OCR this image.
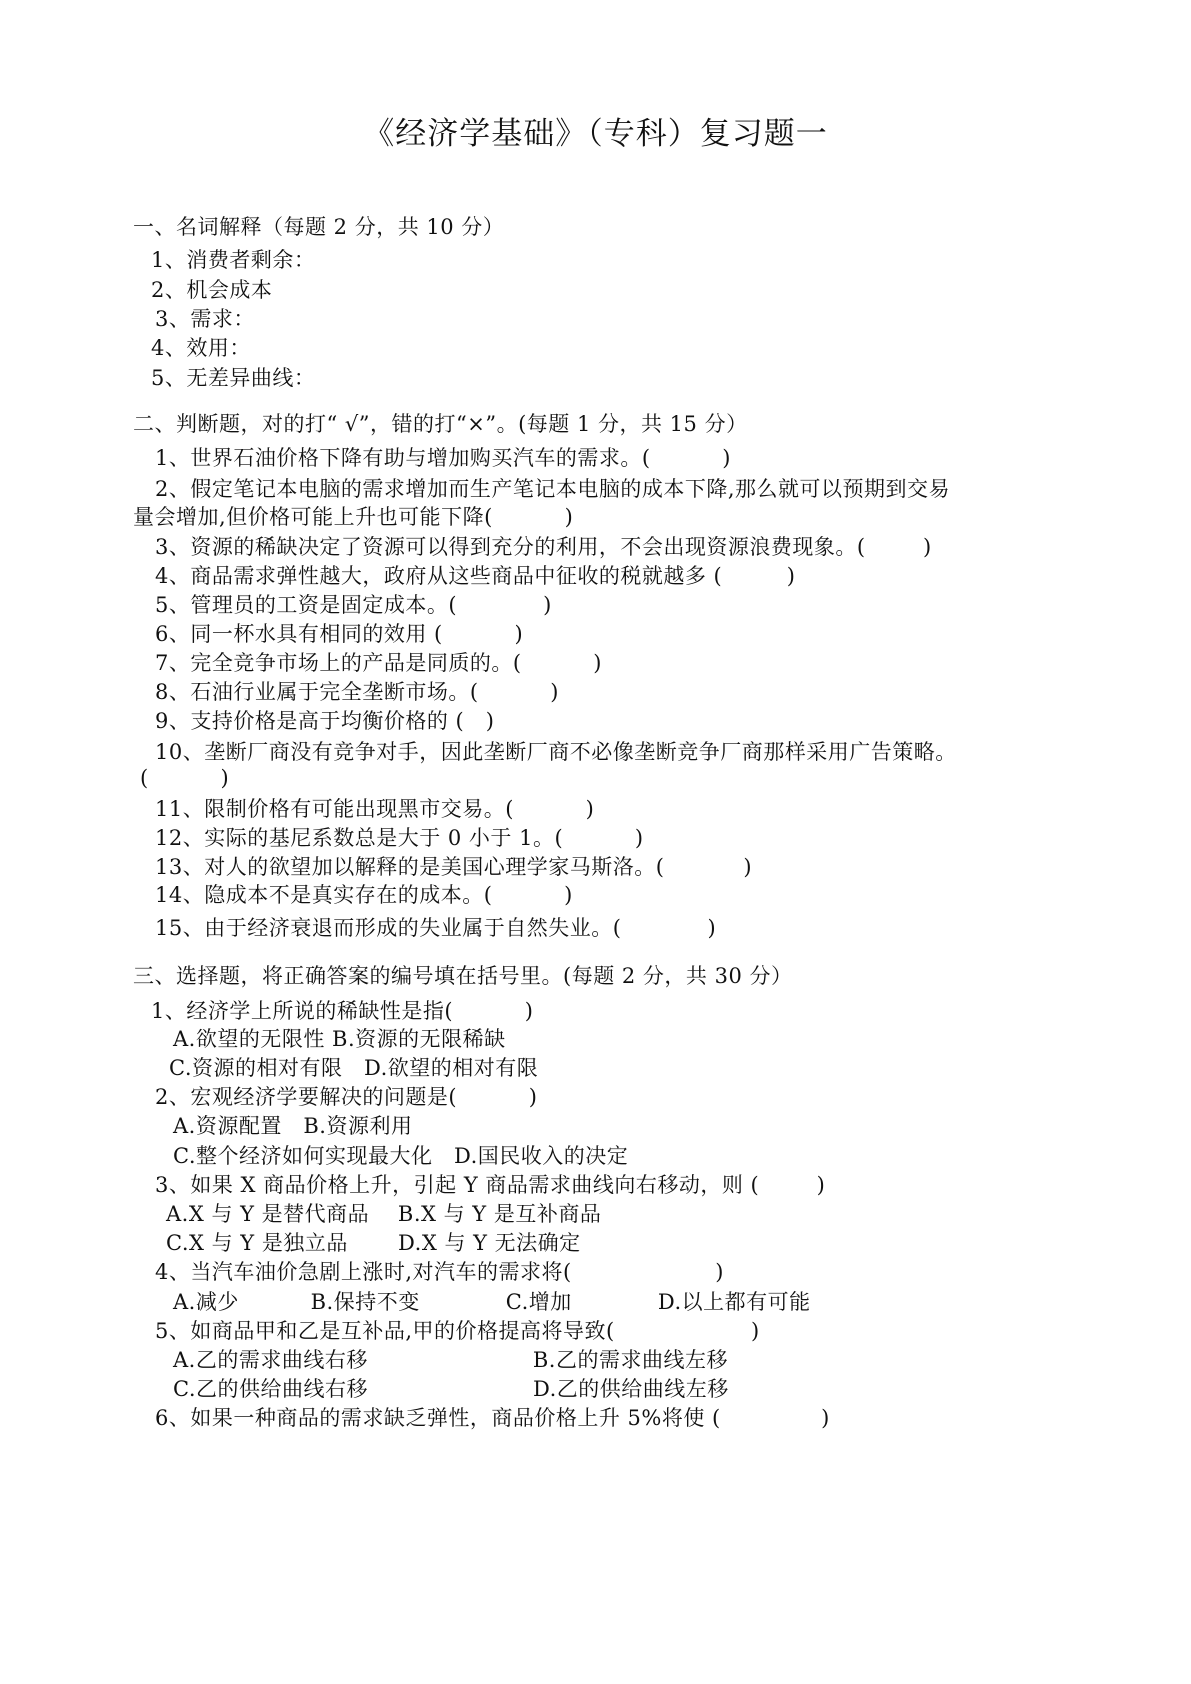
《经济学基础》（专科）复习题一
一、名词解释（每题 2 分，共 10 分）
1、消费者剩余：
2、机会成本
3、需求：
4、效用：
5、无差异曲线：
二、判断题，对的打“ √”，错的打“×”。(每题 1 分，共 15 分）
1、世界石油价格下降有助与增加购买汽车的需求。(          )
2、假定笔记本电脑的需求增加而生产笔记本电脑的成本下降,那么就可以预期到交易
量会增加,但价格可能上升也可能下降(          )
3、资源的稀缺决定了资源可以得到充分的利用，不会出现资源浪费现象。(        )
4、商品需求弹性越大，政府从这些商品中征收的税就越多 (         )
5、管理员的工资是固定成本。(            )
6、同一杯水具有相同的效用 (          )
7、完全竞争市场上的产品是同质的。(          )
8、石油行业属于完全垄断市场。(          )
9、支持价格是高于均衡价格的 (   )
10、垄断厂商没有竞争对手，因此垄断厂商不必像垄断竞争厂商那样采用广告策略。
(          )
11、限制价格有可能出现黑市交易。(          )
12、实际的基尼系数总是大于 0 小于 1。(          )
13、对人的欲望加以解释的是美国心理学家马斯洛。(           )
14、隐成本不是真实存在的成本。(          )
15、由于经济衰退而形成的失业属于自然失业。(            )
三、选择题，将正确答案的编号填在括号里。(每题 2 分，共 30 分）
1、经济学上所说的稀缺性是指(          )
A.欲望的无限性 B.资源的无限稀缺
C.资源的相对有限   D.欲望的相对有限
2、宏观经济学要解决的问题是(          )
A.资源配置   B.资源利用
C.整个经济如何实现最大化   D.国民收入的决定
3、如果 X 商品价格上升，引起 Y 商品需求曲线向右移动，则 (        )
A.X 与 Y 是替代商品    B.X 与 Y 是互补商品
C.X 与 Y 是独立品       D.X 与 Y 无法确定
4、当汽车油价急剧上涨时,对汽车的需求将(                    )
A.减少          B.保持不变            C.增加            D.以上都有可能
5、如商品甲和乙是互补品,甲的价格提高将导致(                   )
A.乙的需求曲线右移                       B.乙的需求曲线左移
C.乙的供给曲线右移                       D.乙的供给曲线左移
6、如果一种商品的需求缺乏弹性，商品价格上升 5%将使 (              )
